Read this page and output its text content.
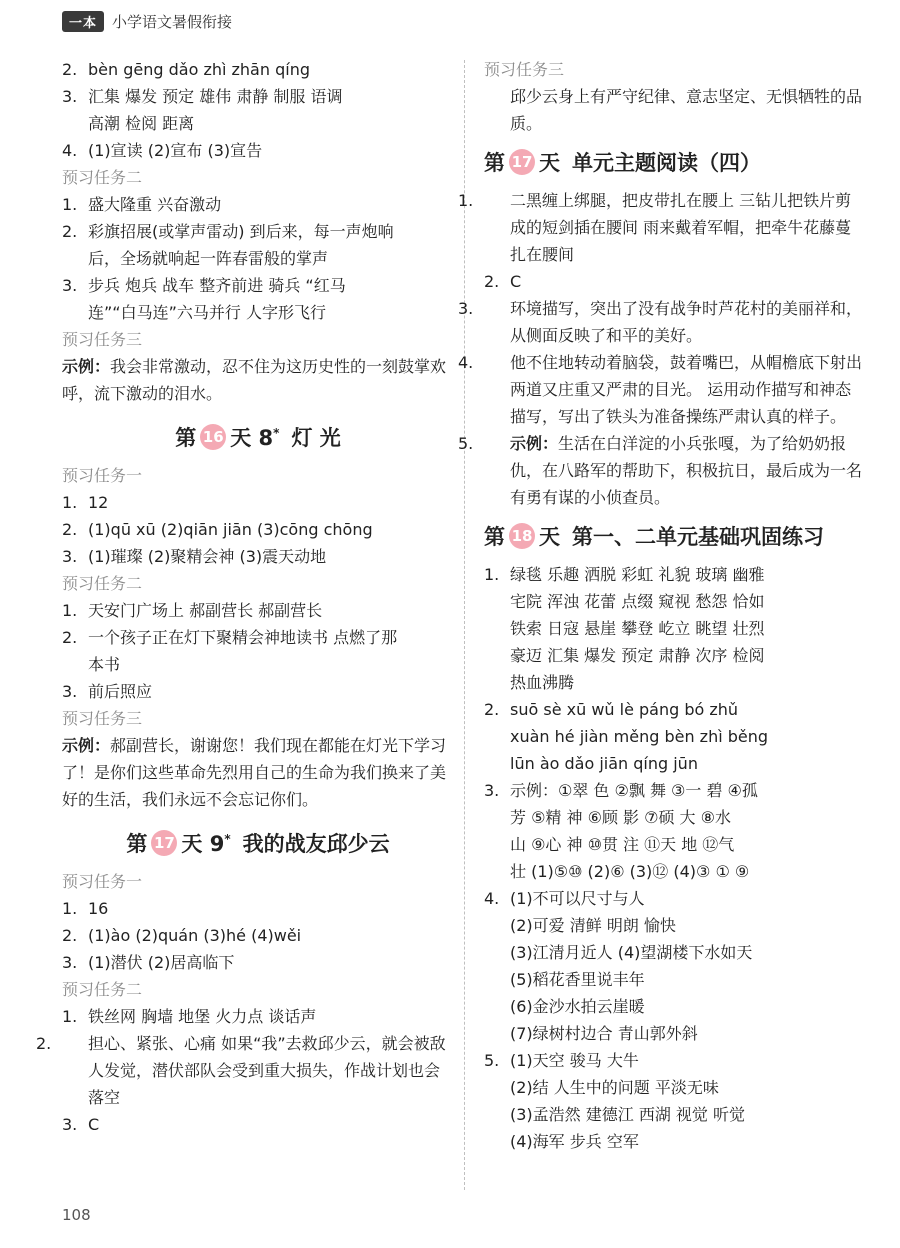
一本	小学语文暑假衔接
2. bèn gēng dǎo zhì zhān qíng
3. 汇集 爆发 预定 雄伟 肃静 制服 语调
高潮 检阅 距离
4. (1)宣读 (2)宣布 (3)宣告
预习任务二
1. 盛大隆重 兴奋激动
2. 彩旗招展(或掌声雷动) 到后来，每一声炮响
后，全场就响起一阵春雷般的掌声
3. 步兵 炮兵 战车 整齐前进 骑兵 “红马
连”“白马连”六马并行 人字形飞行
预习任务三
示例：我会非常激动，忍不住为这历史性的一刻鼓掌欢呼，流下激动的泪水。
第 16 天 8* 灯 光
预习任务一
1. 12
2. (1)qū xū (2)qiān jiān (3)cōng chōng
3. (1)璀璨 (2)聚精会神 (3)震天动地
预习任务二
1. 天安门广场上 郝副营长 郝副营长
2. 一个孩子正在灯下聚精会神地读书 点燃了那
本书
3. 前后照应
预习任务三
示例：郝副营长，谢谢您！我们现在都能在灯光下学习了！是你们这些革命先烈用自己的生命为我们换来了美好的生活，我们永远不会忘记你们。
第 17 天 9* 我的战友邱少云
预习任务一
1. 16
2. (1)ào (2)quán (3)hé (4)wěi
3. (1)潜伏 (2)居高临下
预习任务二
1. 铁丝网 胸墙 地堡 火力点 谈话声
2. 担心、紧张、心痛 如果“我”去救邱少云，就会被敌人发觉，潜伏部队会受到重大损失，作战计划也会落空
3. C
预习任务三
邱少云身上有严守纪律、意志坚定、无惧牺牲的品质。
第 17 天 单元主题阅读（四）
1. 二黑缠上绑腿，把皮带扎在腰上 三钻儿把铁片剪成的短剑插在腰间 雨来戴着军帽，把牵牛花藤蔓扎在腰间
2. C
3. 环境描写，突出了没有战争时芦花村的美丽祥和，从侧面反映了和平的美好。
4. 他不住地转动着脑袋，鼓着嘴巴，从帽檐底下射出两道又庄重又严肃的目光。 运用动作描写和神态描写，写出了铁头为准备操练严肃认真的样子。
5. 示例：生活在白洋淀的小兵张嘎，为了给奶奶报仇，在八路军的帮助下，积极抗日，最后成为一名有勇有谋的小侦查员。
第 18 天 第一、二单元基础巩固练习
1. 绿毯 乐趣 洒脱 彩虹 礼貌 玻璃 幽雅
宅院 浑浊 花蕾 点缀 窥视 愁怨 恰如
铁索 日寇 悬崖 攀登 屹立 眺望 壮烈
豪迈 汇集 爆发 预定 肃静 次序 检阅
热血沸腾
2. suō sè xū wǔ lè páng bó zhǔ
xuàn hé jiàn měng bèn zhì běng
lūn ào dǎo jiān qíng jūn
3. 示例：①翠 色 ②飘 舞 ③一 碧 ④孤
芳 ⑤精 神 ⑥顾 影 ⑦硕 大 ⑧水
山 ⑨心 神 ⑩贯 注 ⑪天 地 ⑫气
壮 (1)⑤⑩ (2)⑥ (3)⑫ (4)③ ① ⑨
4. (1)不可以尺寸与人
(2)可爱 清鲜 明朗 愉快
(3)江清月近人 (4)望湖楼下水如天
(5)稻花香里说丰年
(6)金沙水拍云崖暖
(7)绿树村边合 青山郭外斜
5. (1)天空 骏马 大牛
(2)结 人生中的问题 平淡无味
(3)孟浩然 建德江 西湖 视觉 听觉
(4)海军 步兵 空军
108
